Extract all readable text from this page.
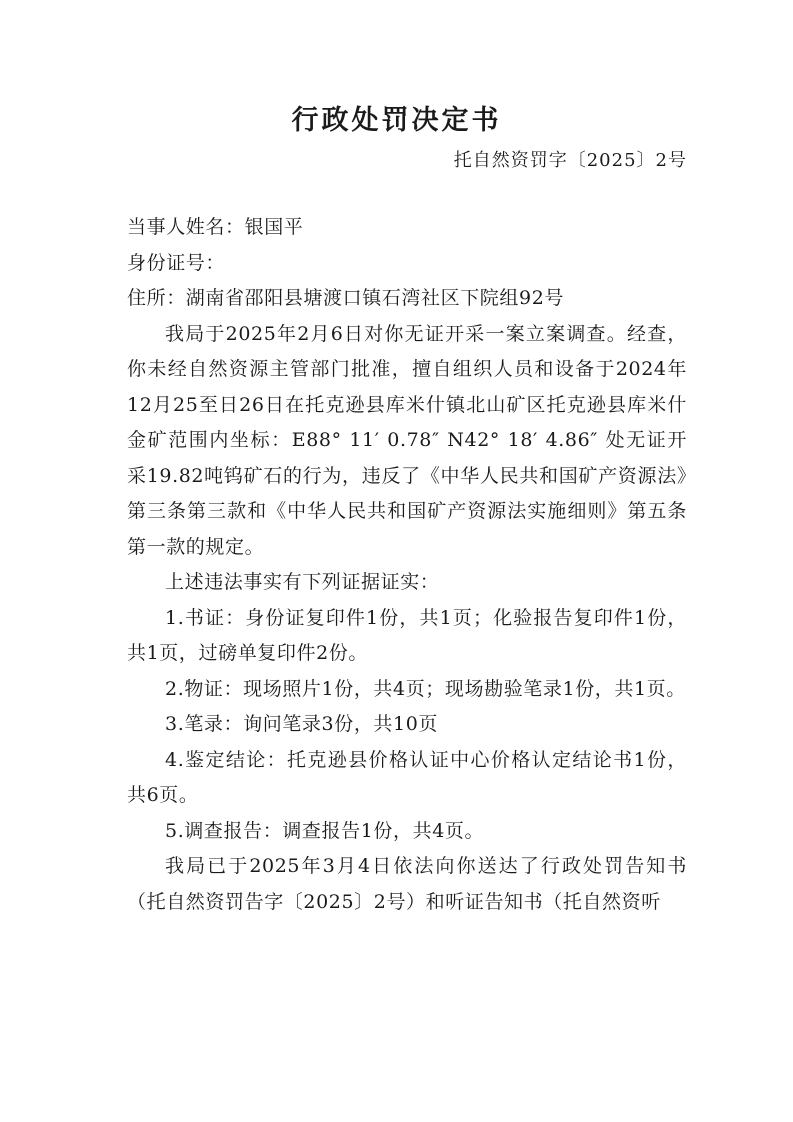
行政处罚决定书

托自然资罚字〔2025〕2号

当事人姓名：银国平

身份证号：

住所：湖南省邵阳县塘渡口镇石湾社区下院组92号

我局于2025年2月6日对你无证开采一案立案调查。经查，你未经自然资源主管部门批准，擅自组织人员和设备于2024年12月25至日26日在托克逊县库米什镇北山矿区托克逊县库米什金矿范围内坐标：E88° 11′ 0.78″ N42° 18′ 4.86″ 处无证开采19.82吨钨矿石的行为，违反了《中华人民共和国矿产资源法》第三条第三款和《中华人民共和国矿产资源法实施细则》第五条第一款的规定。

上述违法事实有下列证据证实：

1.书证：身份证复印件1份，共1页；化验报告复印件1份，共1页，过磅单复印件2份。

2.物证：现场照片1份，共4页；现场勘验笔录1份，共1页。

3.笔录：询问笔录3份，共10页

4.鉴定结论：托克逊县价格认证中心价格认定结论书1份，共6页。

5.调查报告：调查报告1份，共4页。

我局已于2025年3月4日依法向你送达了行政处罚告知书（托自然资罚告字〔2025〕2号）和听证告知书（托自然资听
